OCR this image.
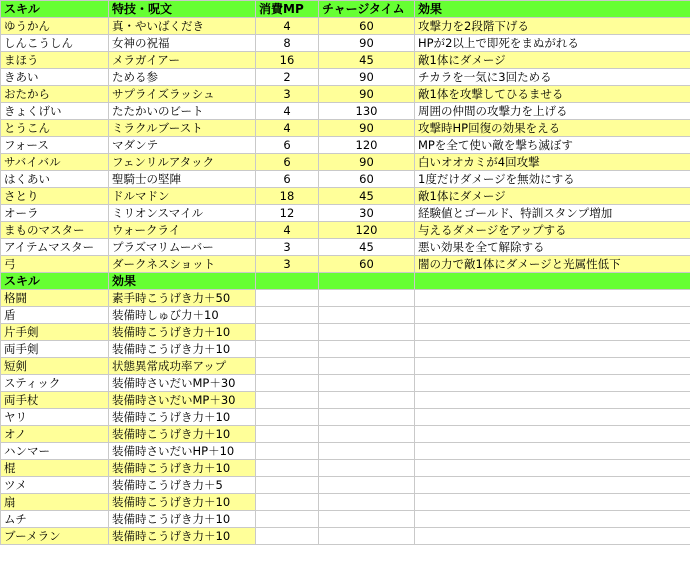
スキル	特技・呪文	消費MP	チャージタイム	効果
ゆうかん	真・やいばくだき	4	60	攻撃力を2段階下げる
しんこうしん	女神の祝福	8	90	HPが2以上で即死をまぬがれる
まほう	メラガイアー	16	45	敵1体にダメージ
きあい	ためる参	2	90	チカラを一気に3回ためる
おたから	サプライズラッシュ	3	90	敵1体を攻撃してひるませる
きょくげい	たたかいのビート	4	130	周囲の仲間の攻撃力を上げる
とうこん	ミラクルブースト	4	90	攻撃時HP回復の効果をえる
フォース	マダンテ	6	120	MPを全て使い敵を撃ち滅ぼす
サバイバル	フェンリルアタック	6	90	白いオオカミが4回攻撃
はくあい	聖騎士の堅陣	6	60	1度だけダメージを無効にする
さとり	ドルマドン	18	45	敵1体にダメージ
オーラ	ミリオンスマイル	12	30	経験値とゴールド、特訓スタンプ増加
まものマスター	ウォークライ	4	120	与えるダメージをアップする
アイテムマスター	プラズマリムーバー	3	45	悪い効果を全て解除する
弓	ダークネスショット	3	60	闇の力で敵1体にダメージと光属性低下
スキル	効果			
格闘	素手時こうげき力＋50			
盾	装備時しゅび力＋10			
片手剣	装備時こうげき力＋10			
両手剣	装備時こうげき力＋10			
短剣	状態異常成功率アップ			
スティック	装備時さいだいMP＋30			
両手杖	装備時さいだいMP＋30			
ヤリ	装備時こうげき力＋10			
オノ	装備時こうげき力＋10			
ハンマー	装備時さいだいHP＋10			
棍	装備時こうげき力＋10			
ツメ	装備時こうげき力＋5			
扇	装備時こうげき力＋10			
ムチ	装備時こうげき力＋10			
ブーメラン	装備時こうげき力＋10			
